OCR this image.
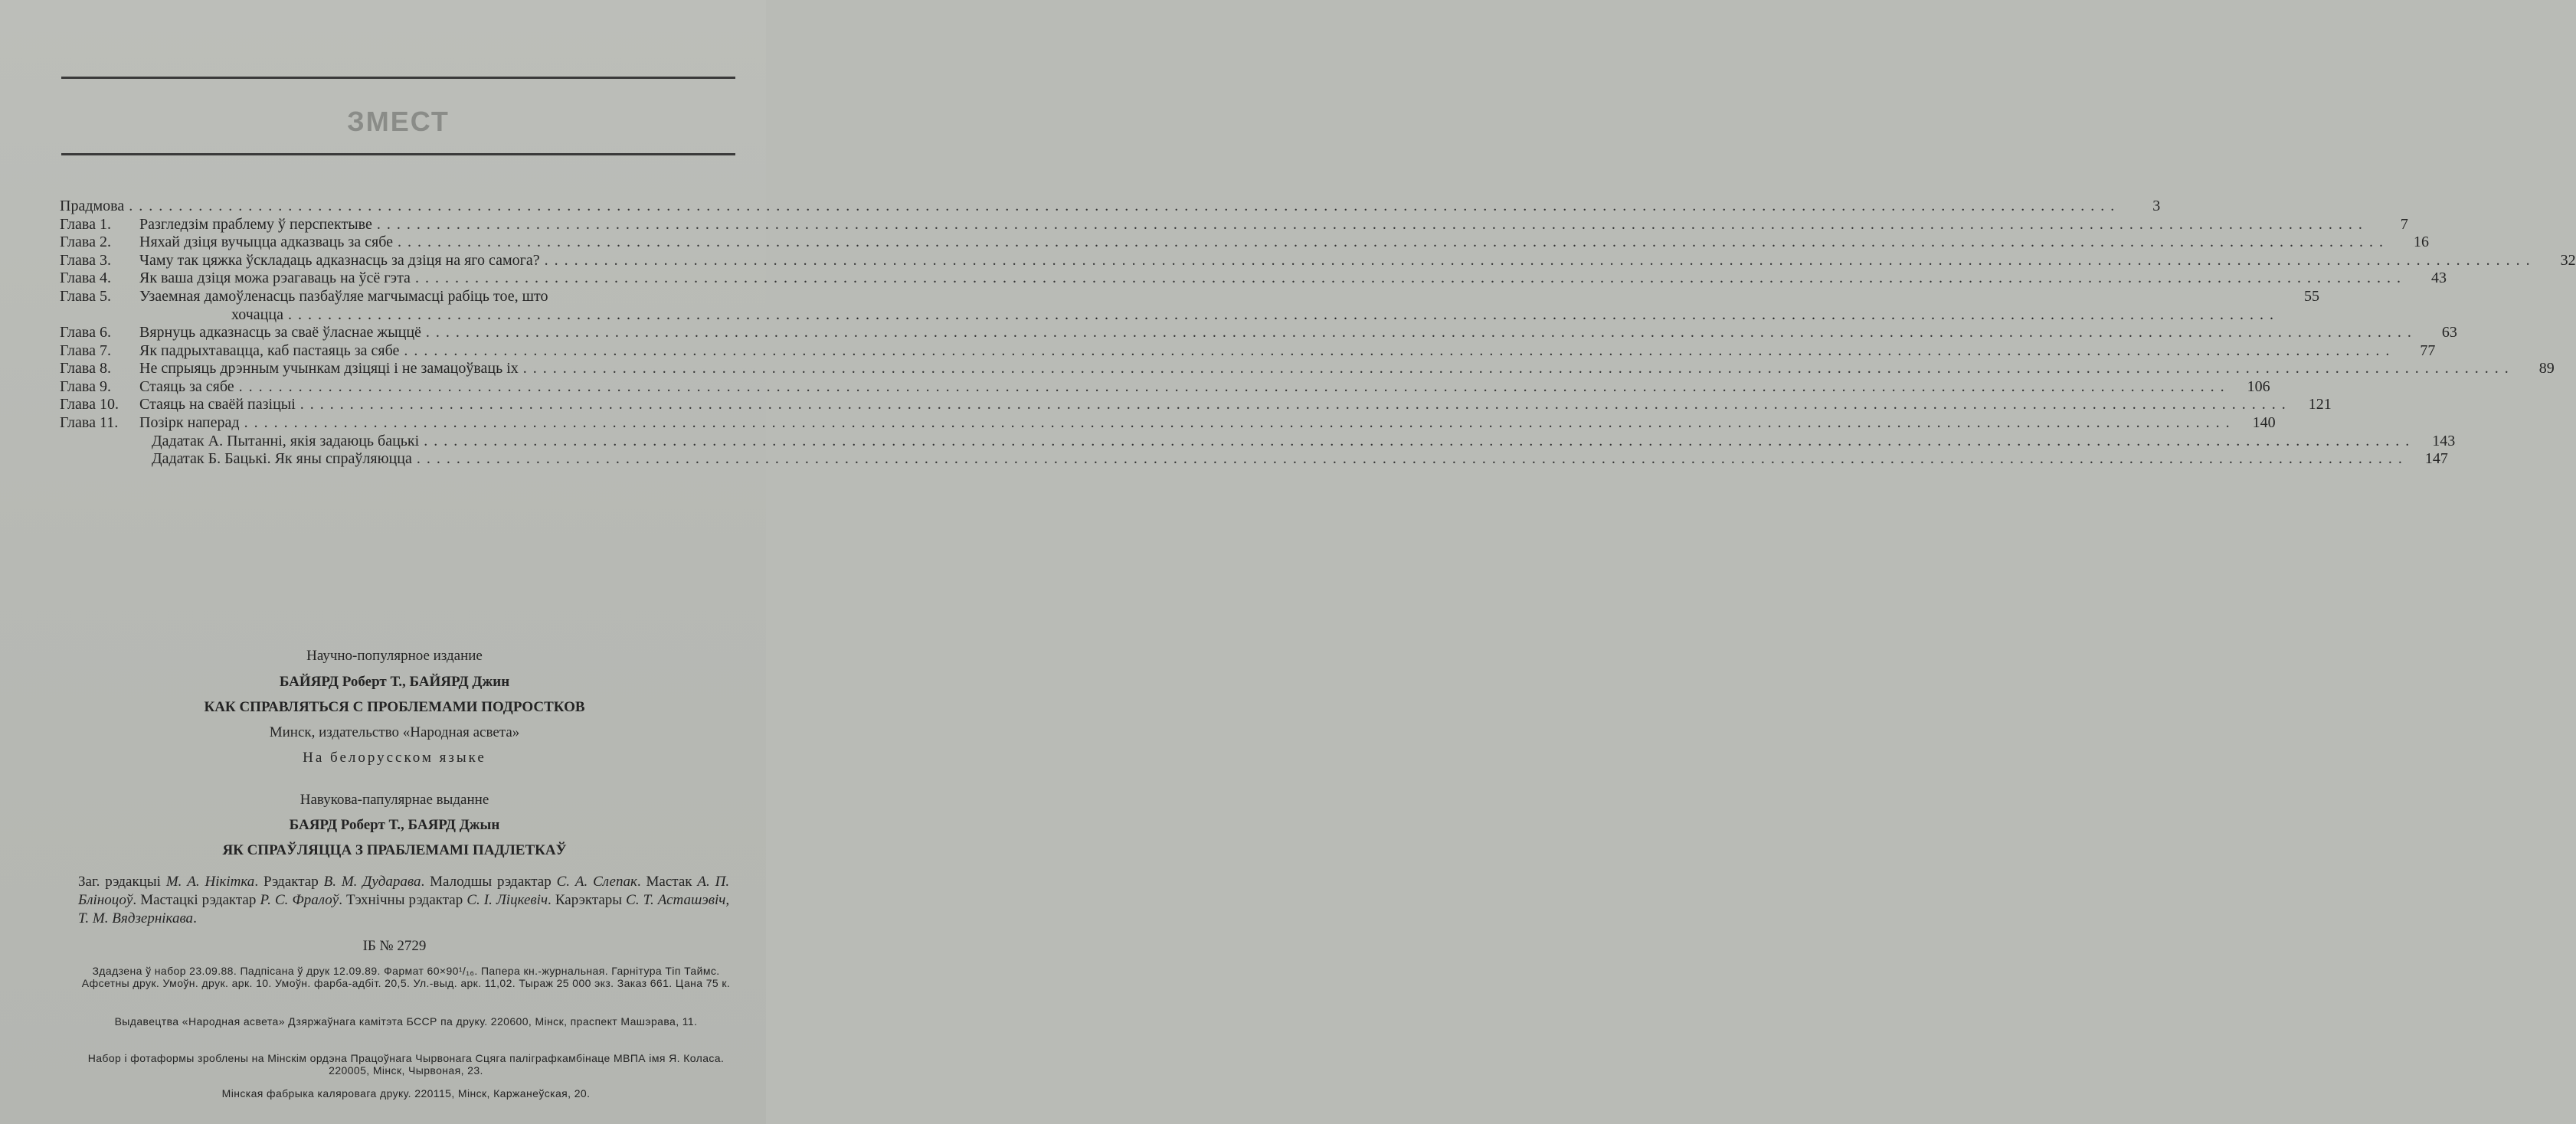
ЗМЕСТ
Прадмова ........................................................................................................................................................................................................	3
Глава 1.	Разгледзім праблему ў перспектыве ........................................................................................................................................................................................................	7
Глава 2.	Няхай дзіця вучыцца адказваць за сябе ........................................................................................................................................................................................................	16
Глава 3.	Чаму так цяжка ўскладаць адказнасць за дзіця на яго самога? ........................................................................................................................................................................................................	32
Глава 4.	Як ваша дзіця можа рэагаваць на ўсё гэта ........................................................................................................................................................................................................	43
Глава 5.	Узаемная дамоўленасць пазбаўляе магчымасці рабіць тое, што
хочацца ........................................................................................................................................................................................................
55
Глава 6.	Вярнуць адказнасць за сваё ўласнае жыццё ........................................................................................................................................................................................................	63
Глава 7.	Як падрыхтавацца, каб пастаяць за сябе ........................................................................................................................................................................................................	77
Глава 8.	Не спрыяць дрэнным учынкам дзіцяці і не замацоўваць іх ........................................................................................................................................................................................................	89
Глава 9.	Стаяць за сябе ........................................................................................................................................................................................................	106
Глава 10.	Стаяць на сваёй пазіцыі ........................................................................................................................................................................................................	121
Глава 11.	Позірк наперад ........................................................................................................................................................................................................	140
Дадатак А. Пытанні, якія задаюць бацькі ........................................................................................................................................................................................................	143
Дадатак Б. Бацькі. Як яны спраўляюцца ........................................................................................................................................................................................................	147
Научно-популярное издание
БАЙЯРД Роберт Т., БАЙЯРД Джин
КАК СПРАВЛЯТЬСЯ С ПРОБЛЕМАМИ ПОДРОСТКОВ
Минск, издательство «Народная асвета»
На белорусском языке
Навукова-папулярнае выданне
БАЯРД Роберт Т., БАЯРД Джын
ЯК СПРАЎЛЯЦЦА З ПРАБЛЕМАМІ ПАДЛЕТКАЎ
Заг. рэдакцыі М. А. Нікітка. Рэдактар В. М. Дударава. Малодшы рэдактар С. А. Слепак. Мастак А. П. Бліноцоў. Мастацкі рэдактар Р. С. Фралоў. Тэхнічны рэдактар С. І. Ліцкевіч. Карэктары С. Т. Асташэвіч, Т. М. Вядзернікава.
ІБ № 2729
Здадзена ў набор 23.09.88. Падпісана ў друк 12.09.89. Фармат 60×90¹/₁₆. Папера кн.-журнальная. Гарнітура Тіп Таймс. Афсетны друк. Умоўн. друк. арк. 10. Умоўн. фарба-адбіт. 20,5. Ул.-выд. арк. 11,02. Тыраж 25 000 экз. Заказ 661. Цана 75 к.
Выдавецтва «Народная асвета» Дзяржаўнага камітэта БССР па друку. 220600, Мінск, праспект Машэрава, 11.
Набор і фотаформы зроблены на Мінскім ордэна Працоўнага Чырвонага Сцяга паліграфкамбінаце МВПА імя Я. Коласа. 220005, Мінск, Чырвоная, 23.
Мінская фабрыка каляровага друку. 220115, Мінск, Каржанеўская, 20.
